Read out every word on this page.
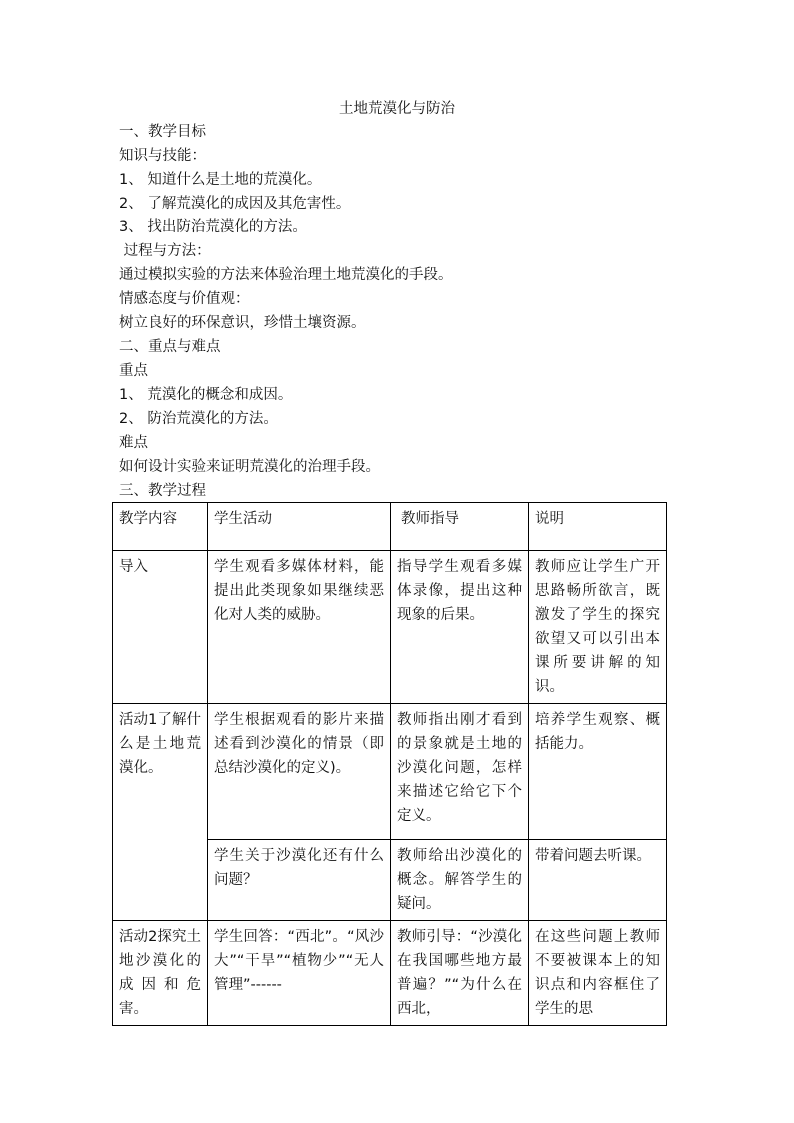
土地荒漠化与防治
一、教学目标
知识与技能：
1、 知道什么是土地的荒漠化。
2、 了解荒漠化的成因及其危害性。
3、 找出防治荒漠化的方法。
过程与方法：
通过模拟实验的方法来体验治理土地荒漠化的手段。
情感态度与价值观：
树立良好的环保意识，珍惜土壤资源。
二、重点与难点
重点
1、 荒漠化的概念和成因。
2、 防治荒漠化的方法。
难点
如何设计实验来证明荒漠化的治理手段。
三、教学过程
教学内容	学生活动	教师指导	说明
导入	学生观看多媒体材料，能提出此类现象如果继续恶化对人类的威胁。	指导学生观看多媒体录像，提出这种现象的后果。	教师应让学生广开思路畅所欲言，既激发了学生的探究欲望又可以引出本课所要讲解的知识。
活动1了解什么是土地荒漠化。	学生根据观看的影片来描述看到沙漠化的情景（即总结沙漠化的定义)。	教师指出刚才看到的景象就是土地的沙漠化问题，怎样来描述它给它下个定义。	培养学生观察、概括能力。
	学生关于沙漠化还有什么问题？	教师给出沙漠化的概念。解答学生的疑问。	带着问题去听课。

活动2探究土地沙漠化的成因和危害。	学生回答：“西北”。“风沙大”“干旱”“植物少”“无人管理”------	教师引导：“沙漠化在我国哪些地方最普遍？”“为什么在西北，	在这些问题上教师不要被课本上的知识点和内容框住了学生的思
